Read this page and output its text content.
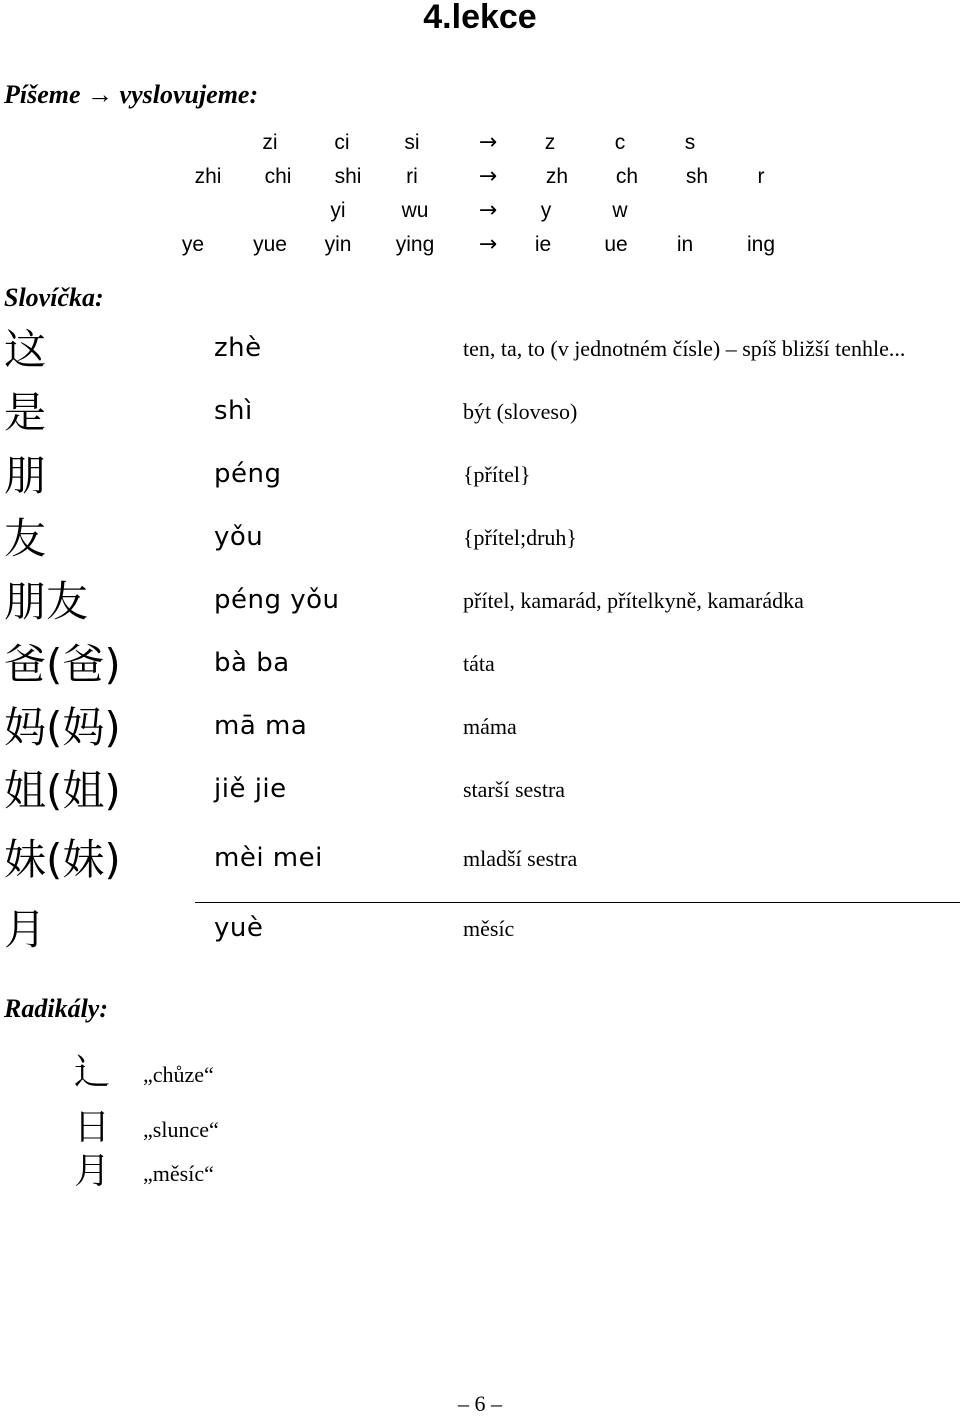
4.lekce
Píšeme → vyslovujeme:
zi	ci	si	→	z	c	s
zhi	chi	shi	ri	→	zh	ch	sh	r
yi	wu	→	y	w
ye	yue	yin	ying	→	ie	ue	in	ing
Slovíčka:
这	zhè	ten, ta, to (v jednotném čísle) – spíš bližší tenhle...
是	shì	být (sloveso)
朋	péng	{přítel}
友	yǒu	{přítel;druh}
朋友	péng yǒu	přítel, kamarád, přítelkyně, kamarádka
爸(爸)	bà ba	táta
妈(妈)	mā ma	máma
姐(姐)	jiě jie	starší sestra
妹(妹)	mèi mei	mladší sestra
月	yuè	měsíc
Radikály:
辶 „chůze“
日 „slunce“
月 „měsíc“
– 6 –
